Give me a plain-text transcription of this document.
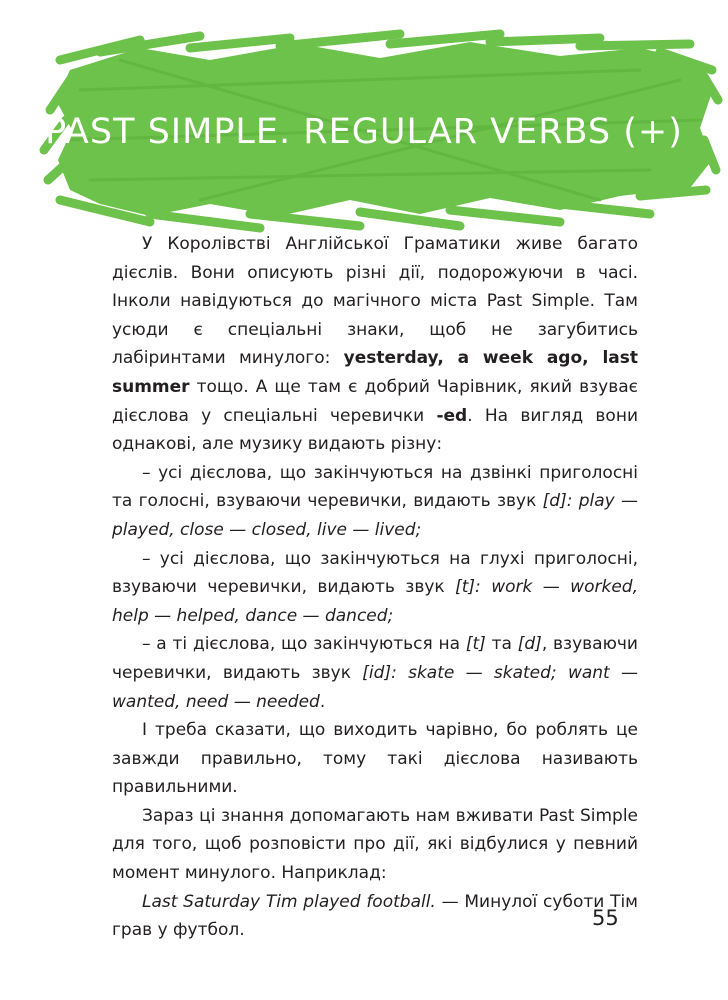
PAST SIMPLE. REGULAR VERBS (+)

У Королівстві Англійської Граматики живе багато дієслів. Вони описують різні дії, подорожуючи в часі. Інколи навідуються до магічного міста Past Simple. Там усюди є спеціальні знаки, щоб не загубитись лабіринтами минулого: yesterday, a week ago, last summer тощо. А ще там є добрий Чарівник, який взуває дієслова у спеціальні черевички -ed. На вигляд вони однакові, але музику видають різну:

– усі дієслова, що закінчуються на дзвінкі приголосні та голосні, взуваючи черевички, видають звук [d]: play — played, close — closed, live — lived;

– усі дієслова, що закінчуються на глухі приголосні, взуваючи черевички, видають звук [t]: work — worked, help — helped, dance — danced;

– а ті дієслова, що закінчуються на [t] та [d], взуваючи черевички, видають звук [id]: skate — skated; want — wanted, need — needed.

І треба сказати, що виходить чарівно, бо роблять це завжди правильно, тому такі дієслова називають правильними.

Зараз ці знання допомагають нам вживати Past Simple для того, щоб розповісти про дії, які відбулися у певний момент минулого. Наприклад:

Last Saturday Tim played football. — Минулої суботи Тім грав у футбол.

55
